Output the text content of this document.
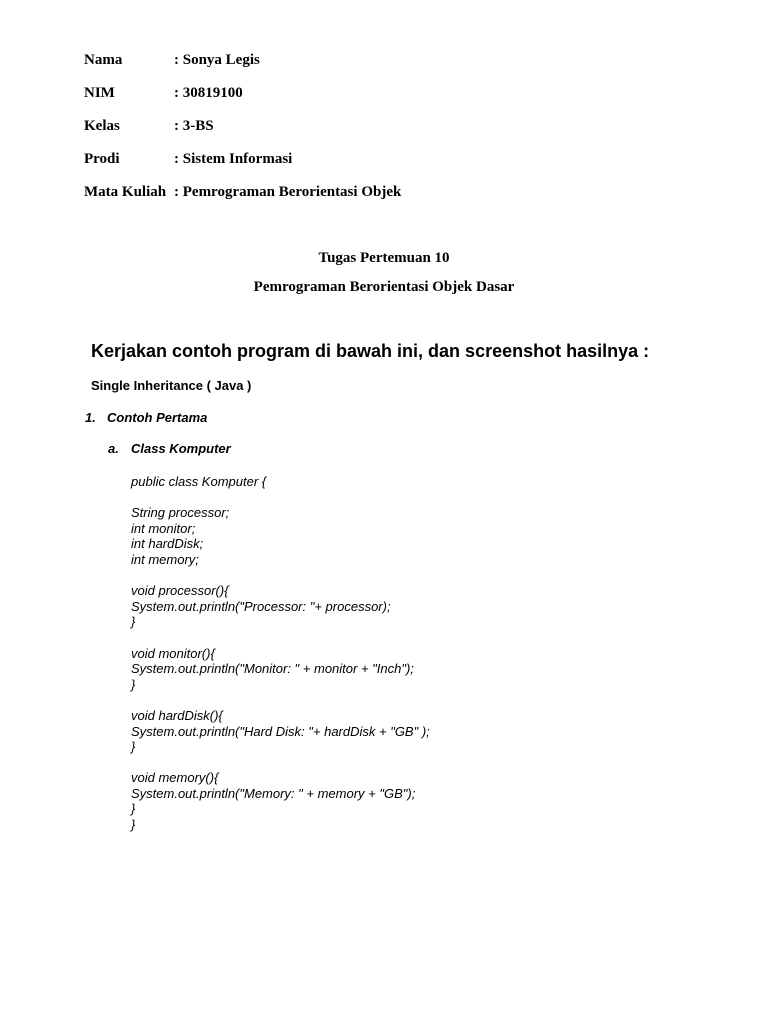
Nama	: Sonya Legis
NIM	: 30819100
Kelas	: 3-BS
Prodi	: Sistem Informasi
Mata Kuliah : Pemrograman Berorientasi Objek
Tugas Pertemuan 10
Pemrograman Berorientasi Objek Dasar
Kerjakan contoh program di bawah ini, dan screenshot hasilnya :
Single Inheritance ( Java )
1. Contoh Pertama
a. Class Komputer
public class Komputer {
String processor;
int monitor;
int hardDisk;
int memory;
void processor(){
System.out.println("Processor: "+ processor);
}
void monitor(){
System.out.println("Monitor: " + monitor + "Inch");
}
void hardDisk(){
System.out.println("Hard Disk: "+ hardDisk + "GB" );
}
void memory(){
System.out.println("Memory: " + memory + "GB");
}
}
